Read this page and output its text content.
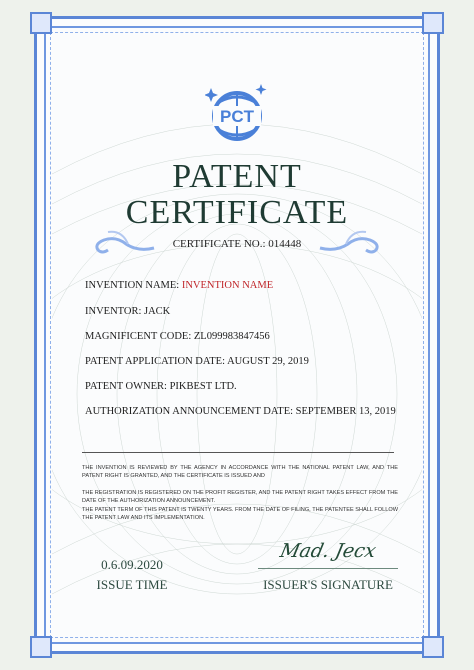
PCT
PATENT
CERTIFICATE
CERTIFICATE NO.: 014448
INVENTION NAME: INVENTION NAME
INVENTOR: JACK
MAGNIFICENT CODE: ZL099983847456
PATENT APPLICATION DATE: AUGUST 29, 2019
PATENT OWNER: PIKBEST LTD.
AUTHORIZATION ANNOUNCEMENT DATE: SEPTEMBER 13, 2019
THE INVENTION IS REVIEWED BY THE AGENCY IN ACCORDANCE WITH THE NATIONAL PATENT LAW, AND THE PATENT RIGHT IS GRANTED, AND THE CERTIFICATE IS ISSUED AND
THE REGISTRATION IS REGISTERED ON THE PROFIT REGISTER, AND THE PATENT RIGHT TAKES EFFECT FROM THE DATE OF THE AUTHORIZATION ANNOUNCEMENT.
THE PATENT TERM OF THIS PATENT IS TWENTY YEARS. FROM THE DATE OF FILING, THE PATENTEE SHALL FOLLOW THE PATENT LAW AND ITS IMPLEMENTATION.
0.6.09.2020
ISSUE TIME
Mad. Jecx
ISSUER'S SIGNATURE
